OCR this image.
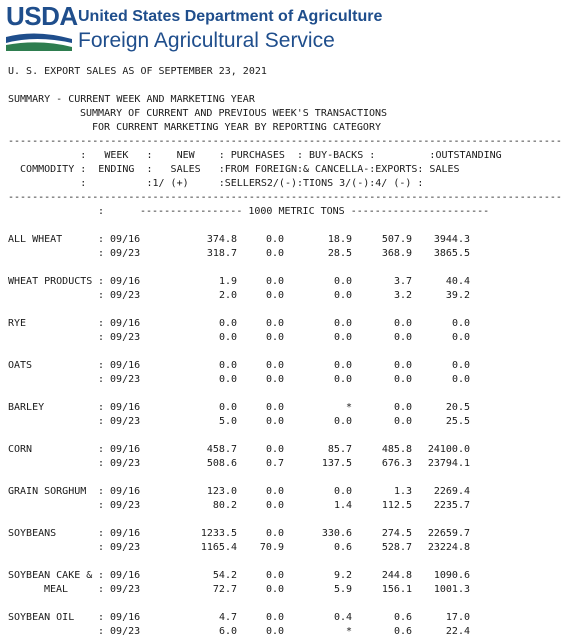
USDA United States Department of Agriculture
Foreign Agricultural Service
U. S. EXPORT SALES AS OF SEPTEMBER 23, 2021
SUMMARY - CURRENT WEEK AND MARKETING YEAR
SUMMARY OF CURRENT AND PREVIOUS WEEK'S TRANSACTIONS
FOR CURRENT MARKETING YEAR BY REPORTING CATEGORY
--------------------------------------------------------------------------------------------
:   WEEK   :    NEW    : PURCHASES  : BUY-BACKS :         :OUTSTANDING
COMMODITY :  ENDING  :   SALES   :FROM FOREIGN:& CANCELLA-:EXPORTS: SALES
:          :1/ (+)     :SELLERS2/(-):TIONS 3/(-):4/ (-) :
--------------------------------------------------------------------------------------------

:

	----------------- 1000 METRIC TONS -----------------------

ALL WHEAT	: 09/16	374.8	0.0	18.9	507.9 3944.3
: 09/23	318.7	0.0	28.5	368.9 3865.5
WHEAT PRODUCTS : 09/16	1.9	0.0	0.0	3.7	40.4
: 09/23	2.0	0.0	0.0	3.2	39.2
RYE	: 09/16	0.0	0.0	0.0	0.0	0.0
: 09/23	0.0	0.0	0.0	0.0	0.0
OATS	: 09/16	0.0	0.0	0.0	0.0	0.0
: 09/23	0.0	0.0	0.0	0.0	0.0
BARLEY	: 09/16	0.0	0.0	*	0.0	20.5
: 09/23	5.0	0.0	0.0	0.0	25.5
CORN	: 09/16	458.7	0.0	85.7	485.8 24100.0
: 09/23	508.6	0.7	137.5	676.3 23794.1
GRAIN SORGHUM : 09/16	123.0	0.0	0.0	1.3 2269.4
: 09/23	80.2	0.0	1.4	112.5 2235.7
SOYBEANS	: 09/16	1233.5	0.0	330.6	274.5 22659.7
: 09/23	1165.4 70.9	0.6	528.7 23224.8
SOYBEAN CAKE & : 09/16	54.2	0.0	9.2	244.8 1090.6
MEAL	: 09/23	72.7	0.0	5.9	156.1 1001.3
SOYBEAN OIL : 09/16	4.7	0.0	0.4	0.6	17.0
: 09/23	6.0	0.0	*	0.6	22.4
